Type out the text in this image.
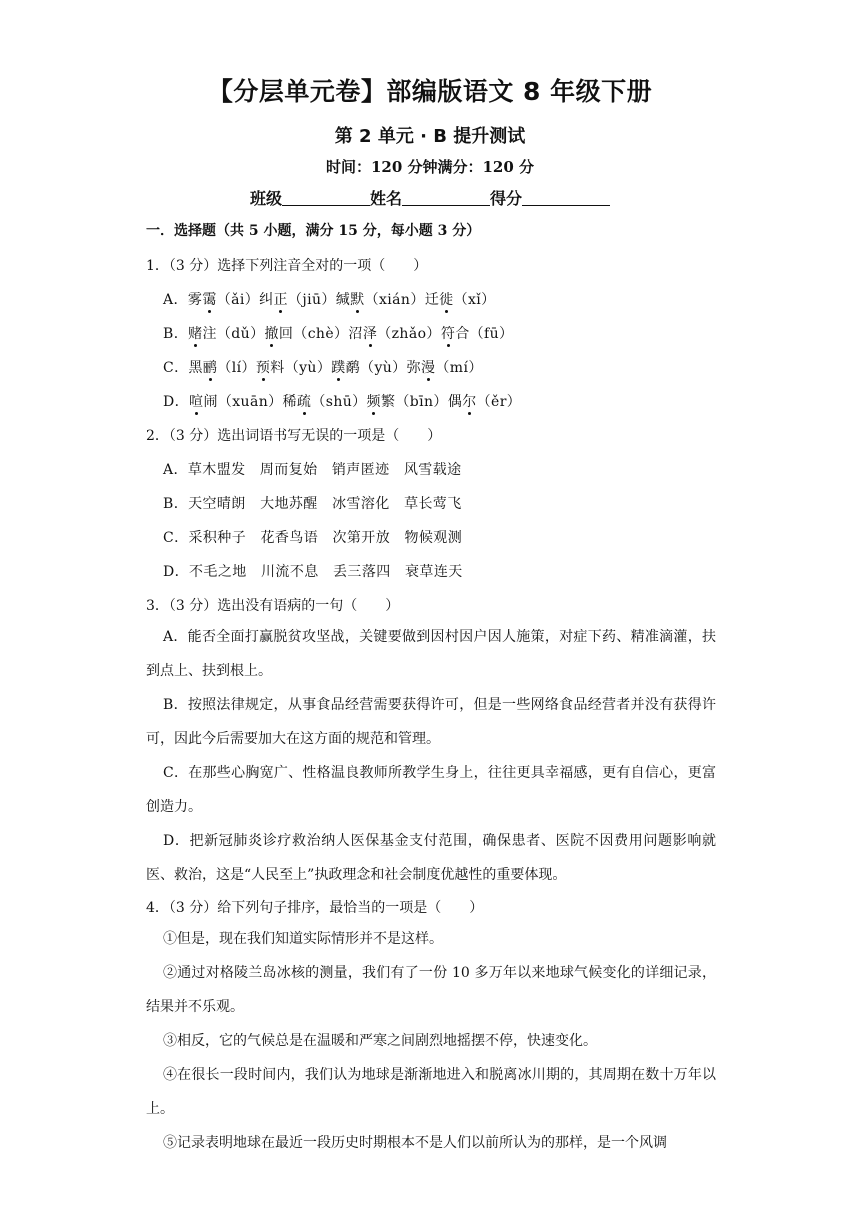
【分层单元卷】部编版语文 8 年级下册
第 2 单元 · B 提升测试
时间：120 分钟满分：120 分
班级	姓名	得分
一．选择题（共 5 小题，满分 15 分，每小题 3 分）
1．（3 分）选择下列注音全对的一项（　　）
A．雾霭（ǎi）纠正（jiū）缄默（xián）迁徙（xǐ）
B．赌注（dǔ）撤回（chè）沼泽（zhǎo）符合（fū）
C．黑鹂（lí）预料（yù）蹼鹬（yù）弥漫（mí）
D．喧闹（xuān）稀疏（shū）频繁（bīn）偶尔（ěr）
2．（3 分）选出词语书写无误的一项是（　　）
A．草木盟发　周而复始　销声匿迹　风雪载途
B．天空晴朗　大地苏醒　冰雪溶化　草长莺飞
C．采积种子　花香鸟语　次第开放　物候观测
D．不毛之地　川流不息　丢三落四　衰草连天
3．（3 分）选出没有语病的一句（　　）
A．能否全面打赢脱贫攻坚战，关键要做到因村因户因人施策，对症下药、精准滴灌，扶到点上、扶到根上。
B．按照法律规定，从事食品经营需要获得许可，但是一些网络食品经营者并没有获得许可，因此今后需要加大在这方面的规范和管理。
C．在那些心胸宽广、性格温良教师所教学生身上，往往更具幸福感，更有自信心，更富创造力。
D．把新冠肺炎诊疗救治纳人医保基金支付范围，确保患者、医院不因费用问题影响就医、救治，这是“人民至上”执政理念和社会制度优越性的重要体现。
4．（3 分）给下列句子排序，最恰当的一项是（　　）
①但是，现在我们知道实际情形并不是这样。
②通过对格陵兰岛冰核的测量，我们有了一份 10 多万年以来地球气候变化的详细记录，结果并不乐观。
③相反，它的气候总是在温暖和严寒之间剧烈地摇摆不停，快速变化。
④在很长一段时间内，我们认为地球是渐渐地进入和脱离冰川期的，其周期在数十万年以上。
⑤记录表明地球在最近一段历史时期根本不是人们以前所认为的那样，是一个风调
